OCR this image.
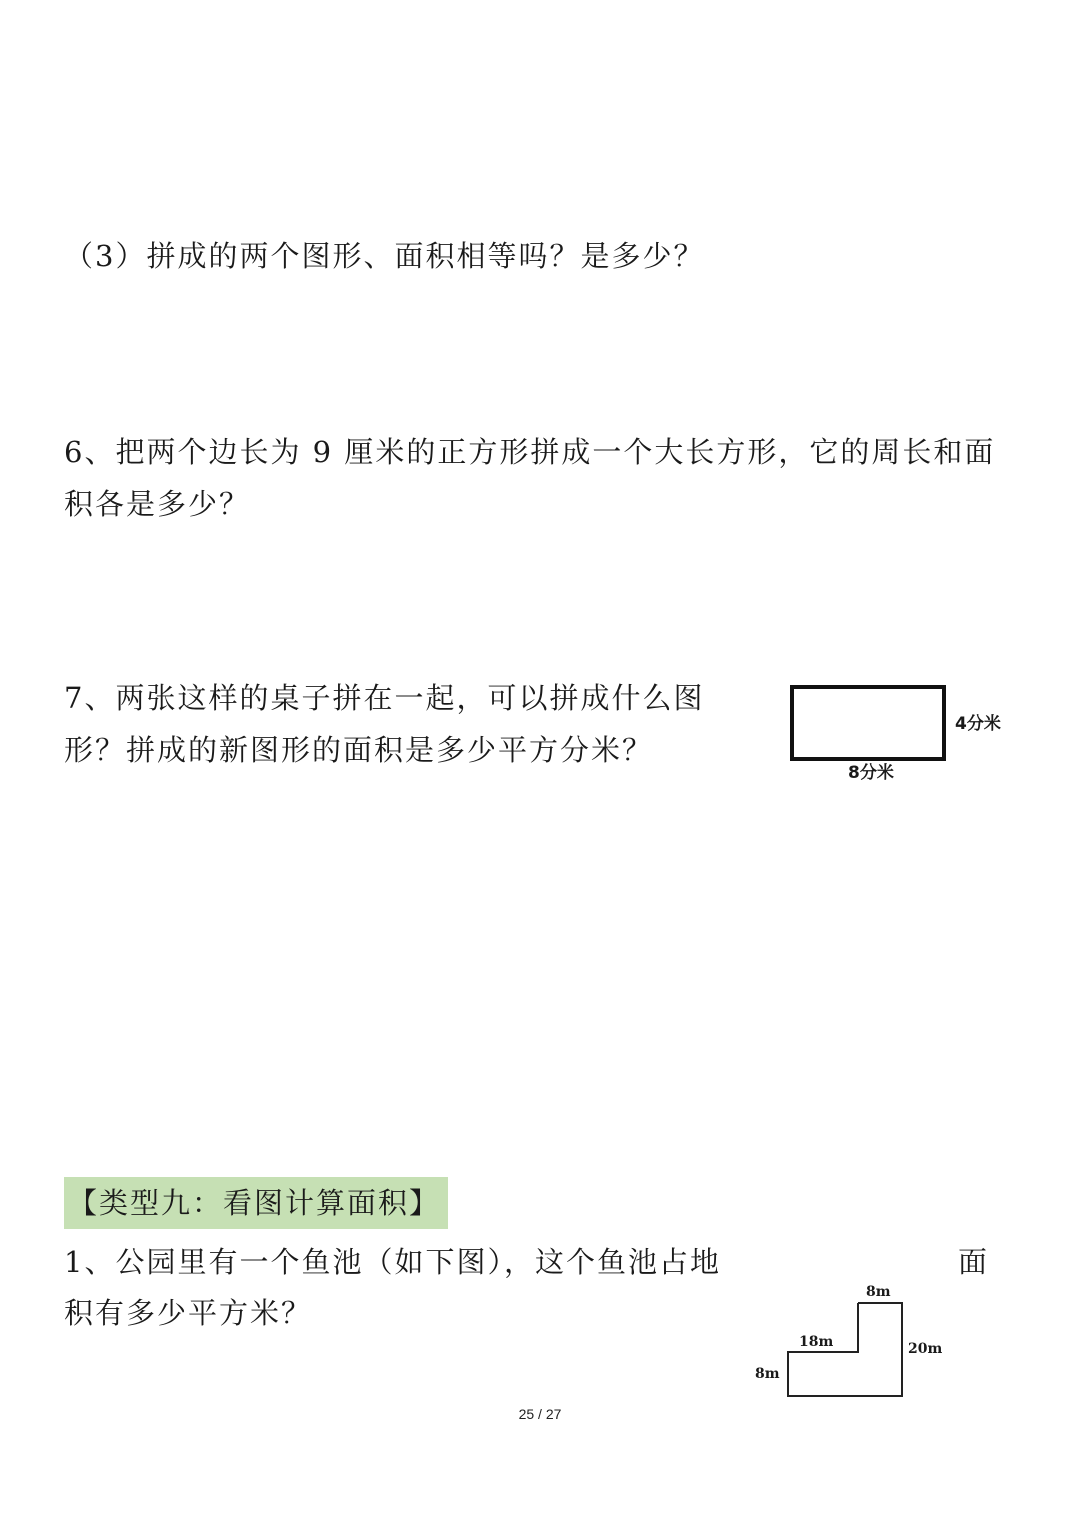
（3）拼成的两个图形、面积相等吗？是多少？
6、把两个边长为 9 厘米的正方形拼成一个大长方形，它的周长和面
积各是多少？
7、两张这样的桌子拼在一起，可以拼成什么图
形？拼成的新图形的面积是多少平方分米？
4分米
8分米
【类型九：看图计算面积】
1、公园里有一个鱼池（如下图），这个鱼池占地	面
积有多少平方米？
8m
18m	20m
8m
25 / 27
